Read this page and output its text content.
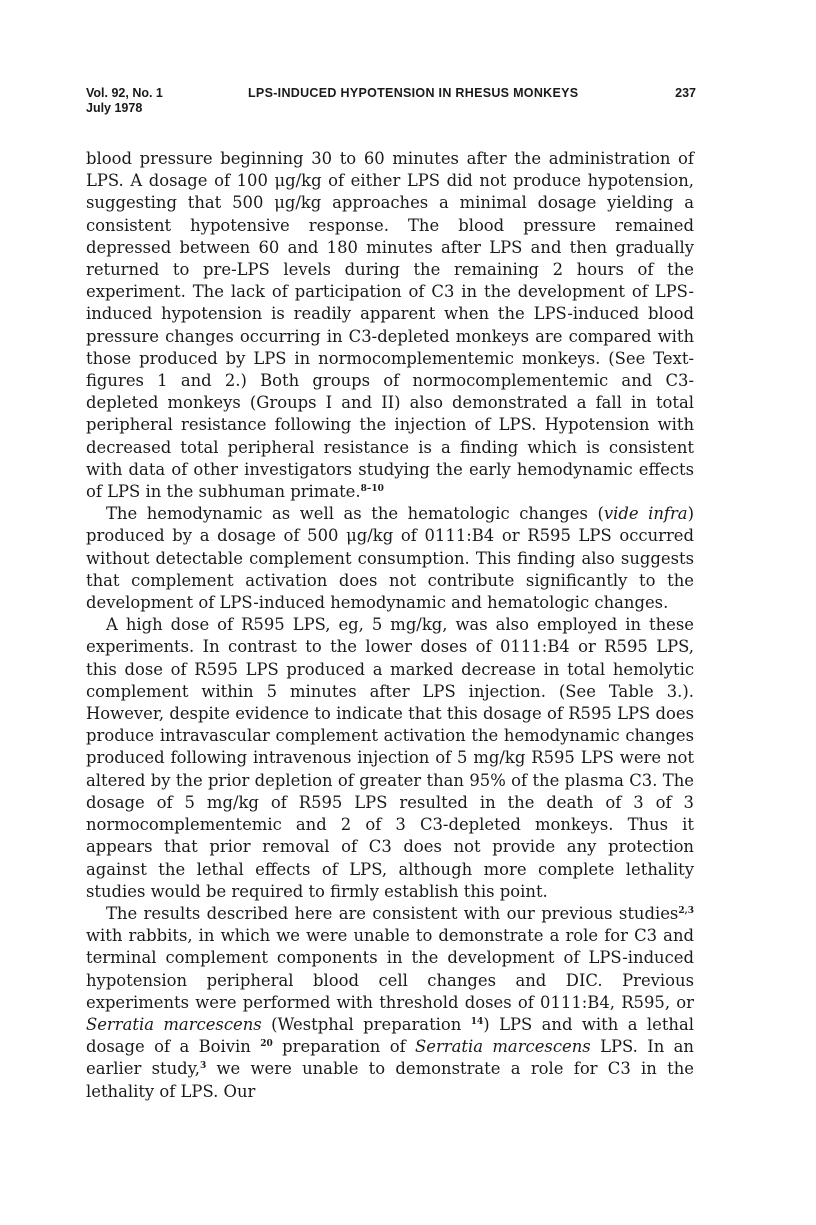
Vol. 92, No. 1
July 1978
LPS-INDUCED HYPOTENSION IN RHESUS MONKEYS	237

blood pressure beginning 30 to 60 minutes after the administration of LPS. A dosage of 100 μg/kg of either LPS did not produce hypotension, suggesting that 500 μg/kg approaches a minimal dosage yielding a consistent hypotensive response. The blood pressure remained depressed between 60 and 180 minutes after LPS and then gradually returned to pre-LPS levels during the remaining 2 hours of the experiment. The lack of participation of C3 in the development of LPS-induced hypotension is readily apparent when the LPS-induced blood pressure changes occurring in C3-depleted monkeys are compared with those produced by LPS in normocomplementemic monkeys. (See Text-figures 1 and 2.) Both groups of normocomplementemic and C3-depleted monkeys (Groups I and II) also demonstrated a fall in total peripheral resistance following the injection of LPS. Hypotension with decreased total peripheral resistance is a finding which is consistent with data of other investigators studying the early hemodynamic effects of LPS in the subhuman primate.$^{8-10}$

The hemodynamic as well as the hematologic changes (vide infra) produced by a dosage of 500 μg/kg of 0111:B4 or R595 LPS occurred without detectable complement consumption. This finding also suggests that complement activation does not contribute significantly to the development of LPS-induced hemodynamic and hematologic changes.

A high dose of R595 LPS, eg, 5 mg/kg, was also employed in these experiments. In contrast to the lower doses of 0111:B4 or R595 LPS, this dose of R595 LPS produced a marked decrease in total hemolytic complement within 5 minutes after LPS injection. (See Table 3.). However, despite evidence to indicate that this dosage of R595 LPS does produce intravascular complement activation the hemodynamic changes produced following intravenous injection of 5 mg/kg R595 LPS were not altered by the prior depletion of greater than 95% of the plasma C3. The dosage of 5 mg/kg of R595 LPS resulted in the death of 3 of 3 normocomplementemic and 2 of 3 C3-depleted monkeys. Thus it appears that prior removal of C3 does not provide any protection against the lethal effects of LPS, although more complete lethality studies would be required to firmly establish this point.

The results described here are consistent with our previous studies$^{2,3}$ with rabbits, in which we were unable to demonstrate a role for C3 and terminal complement components in the development of LPS-induced hypotension peripheral blood cell changes and DIC. Previous experiments were performed with threshold doses of 0111:B4, R595, or Serratia marcescens (Westphal preparation $^{14}$) LPS and with a lethal dosage of a Boivin $^{20}$ preparation of Serratia marcescens LPS. In an earlier study,$^3$ we were unable to demonstrate a role for C3 in the lethality of LPS. Our
